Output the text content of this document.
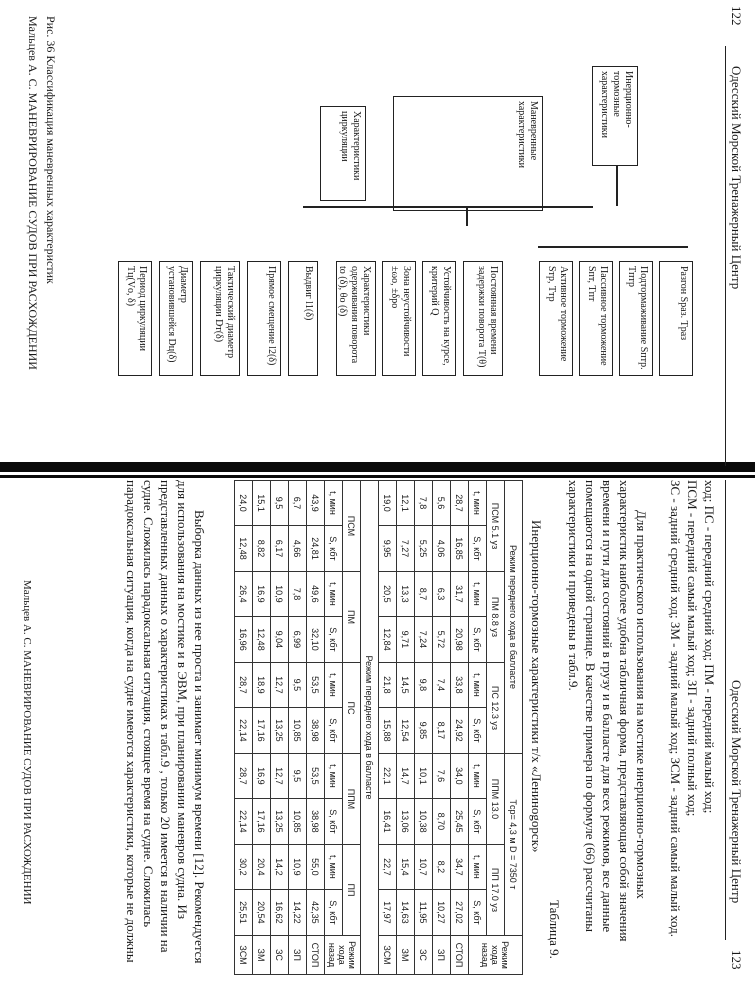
122
Одесский Морской Тренажерный Центр
Инерционно-тормозные характеристики
Маневренные характеристики
Характеристики циркуляции
Разгон Sраз. Tраз
Подтормаживание Sптр. Tптр
Пассивное торможение Sпт, Tпт
Активное торможение Sтр, Tтр
Постоянная времени задержки поворота T(θ)
Устойчивость на курсе, критерий Q
Зона неустойчивости ±ωо, ±δро
Характеристики одерживания поворота tо (δ), θо (δ)
Выдвиг l1(δ)
Прямое смещение l2(δ)
Тактический диаметр циркуляции Dт(δ)
Диаметр установившейся Dц(δ)
Период циркуляции Tц(Vо, δ)
Рис. 36 Классификация маневренных характеристик
Мальцев А. С. МАНЕВРИРОВАНИЕ СУДОВ ПРИ РАСХОЖДЕНИИ
Одесский Морской Тренажерный Центр
123
ход; ПС - передний средний ход; ПМ - передний малый ход;
ПСМ - передний самый малый ход; ЗП - задний полный ход;
ЗС - задний средний ход; ЗМ - задний малый ход; ЗСМ - задний самый малый ход.
Для практического использования на мостике инерционно-тормозных характеристик наиболее удобна табличная форма, представляющая собой значения времени и пути для состояний в грузу и в балласте для всех режимов, все данные помещаются на одной странице. В качестве примера по формуле (66) рассчитаны характеристики и приведены в табл.9.
Таблица 9.
Инерционно-тормозные характеристики т/х «Ленинogорск»
Режим переднего хода в балласте						Tср= 4,3 м D = 7350 т				Режим хода назад
ПСМ 5.1 уз		ПМ 8.8 уз		ПС 12.3 уз		ППМ 13.0		ПП 17.0 уз		
t, мин	S, кбт	t, мин	S, кбт	t, мин	S, кбт	t, мин	S, кбт	t, мин	S, кбт	
28,7	16,85	31,7	20,98	33,8	24,92	34,0	25,45	34,7	27,02	СТОП
5,6	4,06	6,3	5,72	7,4	8,17	7,6	8,70	8,2	10,27	ЗП
7,8	5,25	8,7	7,24	9,8	9,85	10,1	10,38	10,7	11,95	ЗС
12,1	7,27	13,3	9,71	14,5	12,54	14,7	13,06	15,4	14,63	ЗМ
19,0	9,95	20,5	12,84	21,8	15,88	22,1	16,41	22,7	17,97	ЗСМ
Режим переднего хода в балласте										
ПСМ		ПМ		ПС		ППМ		ПП		Режим хода назад
t, мин	S, кбт	t, мин	S, кбт	t, мин	S, кбт	t, мин	S, кбт	t, мин	S, кбт	
43,9	24,81	49,6	32,10	53,5	38,98	53,5	38,98	55,0	42,35	СТОП
6,7	4,66	7,8	6,99	9,5	10,85	9,5	10,85	10,9	14,22	ЗП
9,5	6,17	10,9	9,04	12,7	13,25	12,7	13,25	14,2	16,62	ЗС
15,1	8,82	16,9	12,48	18,9	17,16	16,9	17,16	20,4	20,54	ЗМ
24,0	12,48	26,4	16,96	28,7	22,14	28,7	22,14	30,2	25,51	ЗСМ
Выборка данных из нее проста и занимает минимум времени [12]. Рекомендуется для использования на мостике и в ЭВМ, при планировании маневров судна. Из представленных данных о характеристиках в табл.9 , только 20 имеется в наличии на судне. Сложилась парадоксальная ситуация, стоящее время на судне. Сложилась парадоксальная ситуация, когда на судне имеются характеристики, которые не должны
Мальцев А. С. МАНЕВРИРОВАНИЕ СУДОВ ПРИ РАСХОЖДЕНИИ
